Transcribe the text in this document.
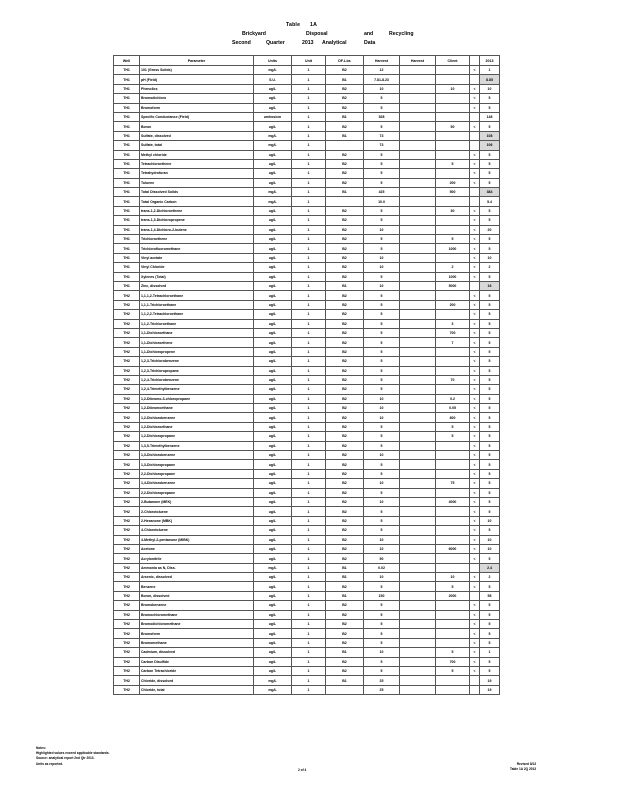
Table 1A
Brickyard	Disposal	and	Recycling
Second	Quarter	2013 Analytical	Data
Well	Parameter	Units	Unit	DF-Lbs	Harvest	Harvest	Client		2013
TH1	101 (Gross Solids)	mg/L	1	B2	12			<	1
TH1	pH (Field)	S.U.	1	B1	7.81-8.23				8.85
TH1	Phenolics	ug/L	1	B2	10		10	<	10
TH1	Bromodichloro	ug/L	1	B2	5			<	5
TH1	Bromoform	ug/L	1	B2	5			<	5
TH1	Specific Conductance (Field)	umhos/cm	1	B1	528				148
TH1	Boron	ug/L	1	B2	5		50	<	5
TH1	Sulfate, dissolved	mg/L	1	B1	73				108
TH1	Sulfate, total	mg/L	1		73				106
TH1	Methyl chloride	ug/L	1	B2	5			<	5
TH1	Tetrachloroethene	ug/L	1	B2	5		5	<	5
TH1	Tetrahydrofuran	ug/L	1	B2	5			<	5
TH1	Toluene	ug/L	1	B2	5		200	<	5
TH1	Total Dissolved Solids	mg/L	1	B1	425		500		384
TH1	Total Organic Carbon	mg/L	1		10.0				5.4
TH1	trans-1,2-Dichloroethene	ug/L	1	B2	5		30	<	5
TH1	trans-1,3-Dichloropropene	ug/L	1	B2	5			<	5
TH1	trans-1,4-Dichloro-2-butene	ug/L	1	B2	10			<	20
TH1	Trichloroethene	ug/L	1	B2	5		5	<	5
TH1	Trichlorofluoromethane	ug/L	1	B2	5		1000	<	5
TH1	Vinyl acetate	ug/L	1	B2	10			<	10
TH1	Vinyl Chloride	ug/L	1	B2	10		2	<	2
TH1	Xylenes (Total)	ug/L	1	B2	5		1000	<	5
TH1	Zinc, dissolved	ug/L	1	B1	10		5000		16
TH2	1,1,1,2-Tetrachloroethane	ug/L	1	B2	5			<	5
TH2	1,1,1-Trichloroethane	ug/L	1	B2	5		200	<	5
TH2	1,1,2,2-Tetrachloroethane	ug/L	1	B2	5			<	5
TH2	1,1,2-Trichloroethane	ug/L	1	B2	5		3	<	5
TH2	1,1-Dichloroethane	ug/L	1	B2	5		700	<	5
TH2	1,1-Dichloroethene	ug/L	1	B2	5		7	<	5
TH2	1,1-Dichloropropene	ug/L	1	B2	5			<	5
TH2	1,2,3-Trichlorobenzene	ug/L	1	B2	5			<	5
TH2	1,2,3-Trichloropropane	ug/L	1	B2	5			<	5
TH2	1,2,4-Trichlorobenzene	ug/L	1	B2	5		70	<	5
TH2	1,2,4-Trimethylbenzene	ug/L	1	B2	5			<	5
TH2	1,2-Dibromo-3-chloropropane	ug/L	1	B2	10		0.2	<	5
TH2	1,2-Dibromoethane	ug/L	1	B2	10		0.05	<	5
TH2	1,2-Dichlorobenzene	ug/L	1	B2	10		600	<	5
TH2	1,2-Dichloroethane	ug/L	1	B2	5		5	<	5
TH2	1,2-Dichloropropane	ug/L	1	B2	5		5	<	5
TH2	1,3,5-Trimethylbenzene	ug/L	1	B2	5			<	5
TH2	1,3-Dichlorobenzene	ug/L	1	B2	10			<	5
TH2	1,3-Dichloropropane	ug/L	1	B2	5			<	5
TH2	2,2-Dichloropropane	ug/L	1	B2	5			<	5
TH2	1,4-Dichlorobenzene	ug/L	1	B2	10		75	<	5
TH2	2,2-Dichloropropane	ug/L	1	B2	5			<	5
TH2	2-Butanone (MEK)	ug/L	1	B2	10		4000	<	5
TH2	2-Chlorotoluene	ug/L	1	B2	5			<	5
TH2	2-Hexanone (MBK)	ug/L	1	B2	5			<	10
TH2	4-Chlorotoluene	ug/L	1	B2	5			<	5
TH2	4-Methyl-2-pentanone (MIBK)	ug/L	1	B2	10			<	10
TH2	Acetone	ug/L	1	B2	10		6000	<	10
TH2	Acrylonitrile	ug/L	1	B2	50			<	5
TH2	Ammonia as N, Diss.	mg/L	1	B1	0.02				2.4
TH2	Arsenic, dissolved	ug/L	1	B1	10		10	<	2
TH2	Benzene	ug/L	1	B2	5		5	<	5
TH2	Boron, dissolved	ug/L	1	B1	150		2000		58
TH2	Bromobenzene	ug/L	1	B2	5			<	5
TH2	Bromochloromethane	ug/L	1	B2	5			<	5
TH2	Bromodichloromethane	ug/L	1	B2	5			<	5
TH2	Bromoform	ug/L	1	B2	5			<	5
TH2	Bromomethane	ug/L	1	B2	5			<	5
TH2	Cadmium, dissolved	ug/L	1	B1	10		5	<	1
TH2	Carbon Disulfide	ug/L	1	B2	5		700	<	5
TH2	Carbon Tetrachloride	ug/L	1	B2	5		5	<	5
TH2	Chloride, dissolved	mg/L	1	B1	25				19
TH2	Chloride, total	mg/L	1		25				19
Notes:
Highlighted values exceed applicable standards.
Source: analytical report 2nd Qtr 2013.
Units as reported.
2 of 4
Revised 8/13
Table 1A 2Q 2013
